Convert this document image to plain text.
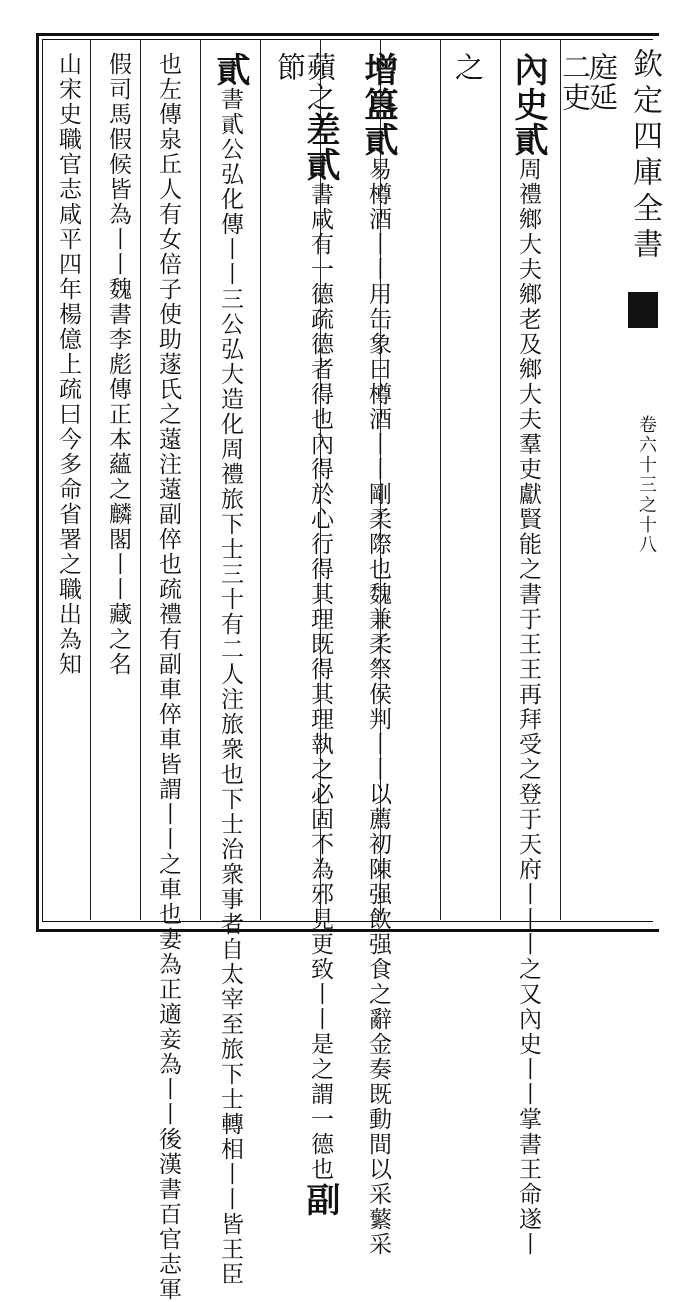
欽定四庫全書
卷六十三之十八
庭延
二吏
內史貳周禮鄉大夫鄉老及鄉大夫羣吏獻賢能之書于王王再拜受之登于天府丨丨丨之又內史丨丨掌書王命遂丨
之
增簋貳易樽酒丨丨用缶象曰樽酒丨丨剛柔際也魏兼柔祭侯判丨丨以薦初陳强飲强食之辭金奏既動間以采蘩采
蘋之差貳書咸有一德疏德者得也內得於心行得其理既得其理執之必固不為邪見更致丨丨是之謂一德也副
節
貳書貳公弘化傳丨丨三公弘大造化周禮旅下士三十有二人注旅衆也下士治衆事者自太宰至旅下士轉相丨丨皆王臣
也左傳泉丘人有女倍子使助蓫氏之薳注薳副倅也疏禮有副車倅車皆謂丨丨之車也妻為正適妾為丨丨後漢書百官志軍
假司馬假候皆為丨丨魏書李彪傳正本蘊之麟閣丨丨藏之名
山宋史職官志咸平四年楊億上疏曰今多命省署之職出為知
